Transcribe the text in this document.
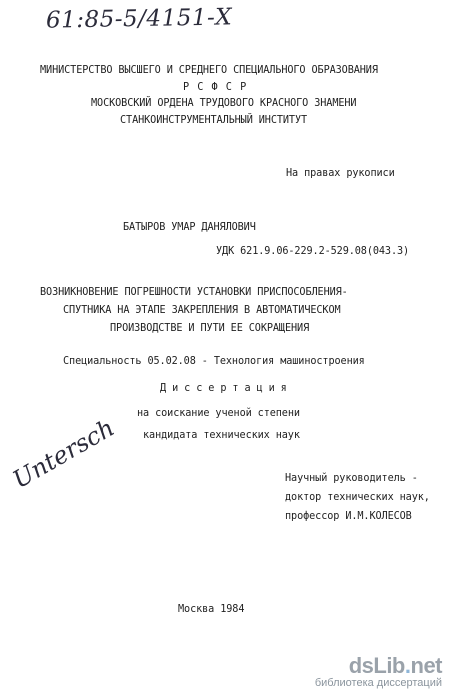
61:85-5/4151-Х
МИНИСТЕРСТВО ВЫСШЕГО И СРЕДНЕГО СПЕЦИАЛЬНОГО ОБРАЗОВАНИЯ
Р С Ф С Р
МОСКОВСКИЙ ОРДЕНА ТРУДОВОГО КРАСНОГО ЗНАМЕНИ
СТАНКОИНСТРУМЕНТАЛЬНЫЙ ИНСТИТУТ
На правах рукописи
БАТЫРОВ УМАР ДАНЯЛОВИЧ
УДК 621.9.06-229.2-529.08(043.3)
ВОЗНИКНОВЕНИЕ ПОГРЕШНОСТИ УСТАНОВКИ ПРИСПОСОБЛЕНИЯ-
СПУТНИКА НА ЭТАПЕ ЗАКРЕПЛЕНИЯ В АВТОМАТИЧЕСКОМ
ПРОИЗВОДСТВЕ И ПУТИ ЕЕ СОКРАЩЕНИЯ
Специальность 05.02.08 - Технология машиностроения
Д и с с е р т а ц и я
на соискание ученой степени
кандидата технических наук
Untersch	Научный руководитель -
доктор технических наук,
профессор И.М.КОЛЕСОВ
Москва 1984
dsLib.net
библиотека диссертаций
